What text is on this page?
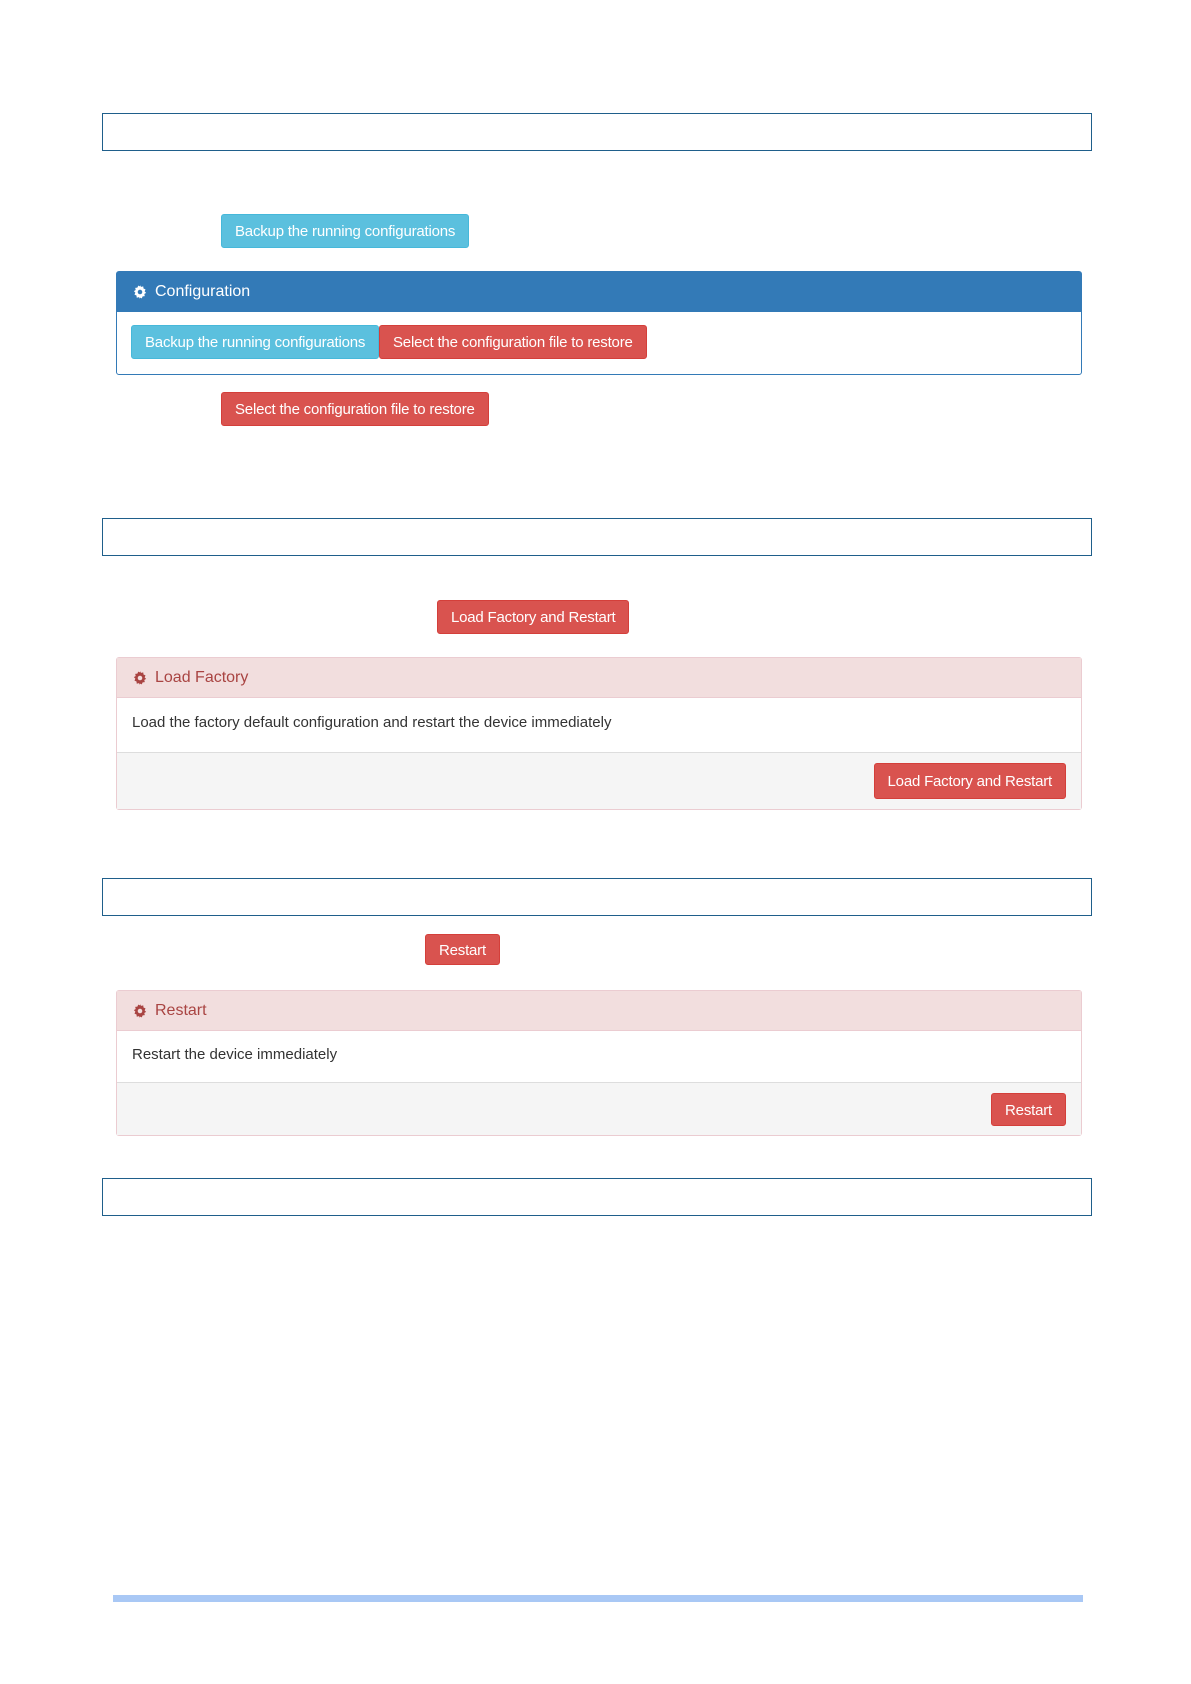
Backup the running configurations
Configuration
Backup the running configurations	Select the configuration file to restore
Select the configuration file to restore
Load Factory and Restart
Load Factory
Load the factory default configuration and restart the device immediately
Load Factory and Restart
Restart
Restart
Restart the device immediately
Restart
